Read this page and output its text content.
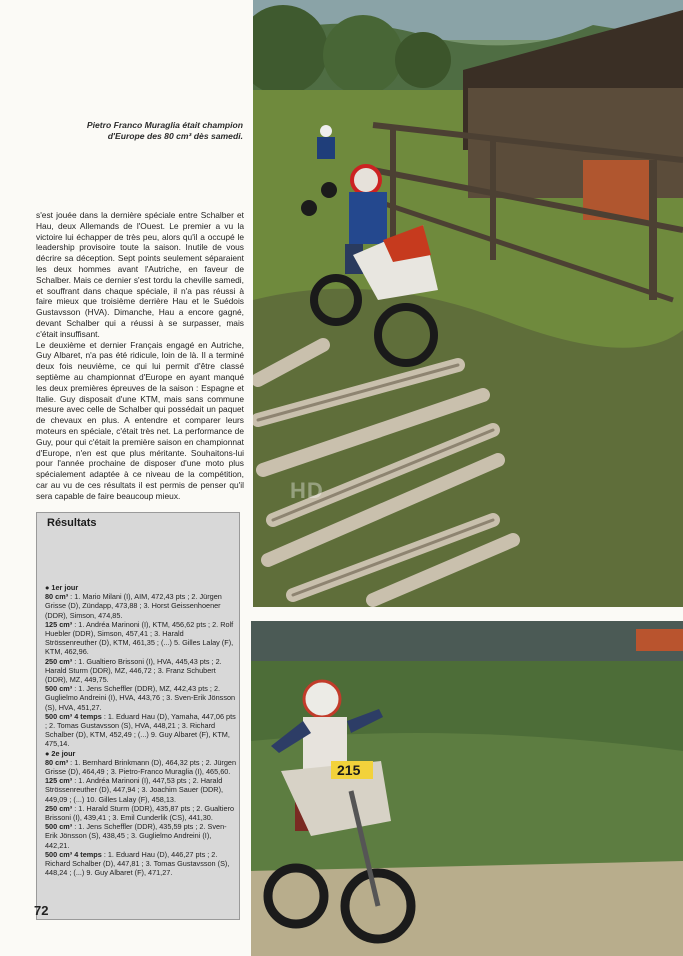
Pietro Franco Muraglia était champion d'Europe des 80 cm³ dès samedi.

s'est jouée dans la dernière spéciale entre Schalber et Hau, deux Allemands de l'Ouest. Le premier a vu la victoire lui échapper de très peu, alors qu'il a occupé le leadership provisoire toute la saison. Inutile de vous décrire sa déception. Sept points seulement séparaient les deux hommes avant l'Autriche, en faveur de Schalber. Mais ce dernier s'est tordu la cheville samedi, et souffrant dans chaque spéciale, il n'a pas réussi à faire mieux que troisième derrière Hau et le Suédois Gustavsson (HVA). Dimanche, Hau a encore gagné, devant Schalber qui a réussi à se surpasser, mais c'était insuffisant.

Le deuxième et dernier Français engagé en Autriche, Guy Albaret, n'a pas été ridicule, loin de là. Il a terminé deux fois neuvième, ce qui lui permit d'être classé septième au championnat d'Europe en ayant manqué les deux premières épreuves de la saison : Espagne et Italie. Guy disposait d'une KTM, mais sans commune mesure avec celle de Schalber qui possédait un paquet de chevaux en plus. A entendre et comparer leurs moteurs en spéciale, c'était très net. La performance de Guy, pour qui c'était la première saison en championnat d'Europe, n'en est que plus méritante. Souhaitons-lui pour l'année prochaine de disposer d'une moto plus spécialement adaptée à ce niveau de la compétition, car au vu de ces résultats il est permis de penser qu'il sera capable de faire beaucoup mieux.

Résultats

● 1er jour

80 cm³ : 1. Mario Milani (I), AIM, 472,43 pts ; 2. Jürgen Grisse (D), Zündapp, 473,88 ; 3. Horst Geissenhoener (DDR), Simson, 474,85.

125 cm³ : 1. Andréa Marinoni (I), KTM, 456,62 pts ; 2. Rolf Huebler (DDR), Simson, 457,41 ; 3. Harald Strössenreuther (D), KTM, 461,35 ; (...) 5. Gilles Lalay (F), KTM, 462,96.

250 cm³ : 1. Gualtiero Brissoni (I), HVA, 445,43 pts ; 2. Harald Sturm (DDR), MZ, 446,72 ; 3. Franz Schubert (DDR), MZ, 449,75.

500 cm³ : 1. Jens Scheffler (DDR), MZ, 442,43 pts ; 2. Guglielmo Andreini (I), HVA, 443,76 ; 3. Sven-Erik Jönsson (S), HVA, 451,27.

500 cm³ 4 temps : 1. Eduard Hau (D), Yamaha, 447,06 pts ; 2. Tomas Gustavsson (S), HVA, 448,21 ; 3. Richard Schalber (D), KTM, 452,49 ; (...) 9. Guy Albaret (F), KTM, 475,14.

● 2e jour

80 cm³ : 1. Bernhard Brinkmann (D), 464,32 pts ; 2. Jürgen Grisse (D), 464,49 ; 3. Pietro-Franco Muraglia (I), 465,60.

125 cm³ : 1. Andréa Marinoni (I), 447,53 pts ; 2. Harald Strössenreuther (D), 447,94 ; 3. Joachim Sauer (DDR), 449,09 ; (...) 10. Gilles Lalay (F), 458,13.

250 cm³ : 1. Harald Sturm (DDR), 435,87 pts ; 2. Gualtiero Brissoni (I), 439,41 ; 3. Emil Cunderlik (CS), 441,30.

500 cm³ : 1. Jens Scheffler (DDR), 435,59 pts ; 2. Sven-Erik Jönsson (S), 438,45 ; 3. Guglielmo Andreini (I), 442,21.

500 cm³ 4 temps : 1. Eduard Hau (D), 446,27 pts ; 2. Richard Schalber (D), 447,81 ; 3. Tomas Gustavsson (S), 448,24 ; (...) 9. Guy Albaret (F), 471,27.

215
HD
72
